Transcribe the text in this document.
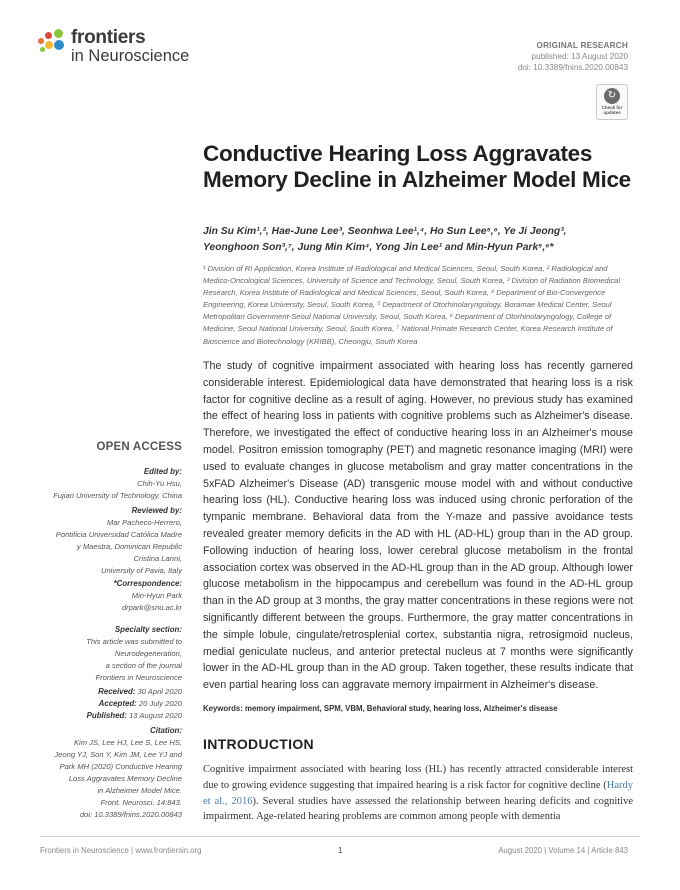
frontiers
in Neuroscience
ORIGINAL RESEARCH
published: 13 August 2020
doi: 10.3389/fnins.2020.00843
↻
Check for
updates
Conductive Hearing Loss Aggravates Memory Decline in Alzheimer Model Mice
Jin Su Kim¹,², Hae-June Lee³, Seonhwa Lee¹,⁴, Ho Sun Lee⁵,⁶, Ye Ji Jeong³,
Yeonghoon Son³,⁷, Jung Min Kim⁴, Yong Jin Lee¹ and Min-Hyun Park⁵,⁶*
¹ Division of RI Application, Korea Institute of Radiological and Medical Sciences, Seoul, South Korea, ² Radiological and Medico-Oncological Sciences, University of Science and Technology, Seoul, South Korea, ³ Division of Radiation Biomedical Research, Korea Institute of Radiological and Medical Sciences, Seoul, South Korea, ⁴ Department of Bio-Convergence Engineering, Korea University, Seoul, South Korea, ⁵ Department of Otorhinolaryngology, Boramae Medical Center, Seoul Metropolitan Government-Seoul National University, Seoul, South Korea, ⁶ Department of Otorhinolaryngology, College of Medicine, Seoul National University, Seoul, South Korea, ⁷ National Primate Research Center, Korea Research Institute of Bioscience and Biotechnology (KRIBB), Cheongju, South Korea
The study of cognitive impairment associated with hearing loss has recently garnered considerable interest. Epidemiological data have demonstrated that hearing loss is a risk factor for cognitive decline as a result of aging. However, no previous study has examined the effect of hearing loss in patients with cognitive problems such as Alzheimer's disease. Therefore, we investigated the effect of conductive hearing loss in an Alzheimer's mouse model. Positron emission tomography (PET) and magnetic resonance imaging (MRI) were used to evaluate changes in glucose metabolism and gray matter concentrations in the 5xFAD Alzheimer's Disease (AD) transgenic mouse model with and without conductive hearing loss (HL). Conductive hearing loss was induced using chronic perforation of the tympanic membrane. Behavioral data from the Y-maze and passive avoidance tests revealed greater memory deficits in the AD with HL (AD-HL) group than in the AD group. Following induction of hearing loss, lower cerebral glucose metabolism in the frontal association cortex was observed in the AD-HL group than in the AD group. Although lower glucose metabolism in the hippocampus and cerebellum was found in the AD-HL group than in the AD group at 3 months, the gray matter concentrations in these regions were not significantly different between the groups. Furthermore, the gray matter concentrations in the simple lobule, cingulate/retrosplenial cortex, substantia nigra, retrosigmoid nucleus, medial geniculate nucleus, and anterior pretectal nucleus at 7 months were significantly lower in the AD-HL group than in the AD group. Taken together, these results indicate that even partial hearing loss can aggravate memory impairment in Alzheimer's disease.
Keywords: memory impairment, SPM, VBM, Behavioral study, hearing loss, Alzheimer's disease
OPEN ACCESS
Edited by:
Chih-Yu Hsu,
Fujian University of Technology, China
Reviewed by:
Mar Pacheco-Herrero,
Pontificia Universidad Católica Madre
y Maestra, Dominican Republic
Cristina Lanni,
University of Pavia, Italy
*Correspondence:
Min-Hyun Park
drpark@snu.ac.kr
Specialty section:
This article was submitted to
Neurodegeneration,
a section of the journal
Frontiers in Neuroscience
Received: 30 April 2020
Accepted: 20 July 2020
Published: 13 August 2020
Citation:
Kim JS, Lee HJ, Lee S, Lee HS,
Jeong YJ, Son Y, Kim JM, Lee YJ and
Park MH (2020) Conductive Hearing
Loss Aggravates Memory Decline
in Alzheimer Model Mice.
Front. Neurosci. 14:843.
doi: 10.3389/fnins.2020.00843
INTRODUCTION
Cognitive impairment associated with hearing loss (HL) has recently attracted considerable interest due to growing evidence suggesting that impaired hearing is a risk factor for cognitive decline (Hardy et al., 2016). Several studies have assessed the relationship between hearing deficits and cognitive impairment. Age-related hearing problems are common among people with dementia
Frontiers in Neuroscience | www.frontiersin.org	1	August 2020 | Volume 14 | Article 843
